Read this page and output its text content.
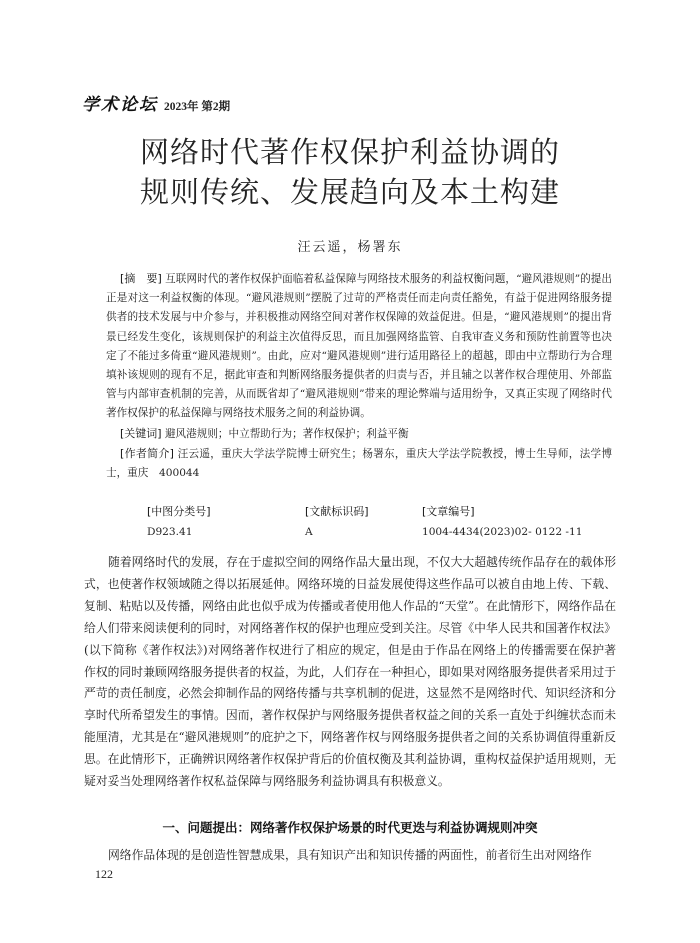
学术论坛 2023年 第2期
网络时代著作权保护利益协调的
规则传统、发展趋向及本土构建
汪云遥，杨署东

[摘　要] 互联网时代的著作权保护面临着私益保障与网络技术服务的利益权衡问题，“避风港规则”的提出正是对这一利益权衡的体现。“避风港规则”摆脱了过苛的严格责任而走向责任豁免，有益于促进网络服务提供者的技术发展与中介参与，并积极推动网络空间对著作权保障的效益促进。但是，“避风港规则”的提出背景已经发生变化，该规则保护的利益主次值得反思，而且加强网络监管、自我审查义务和预防性前置等也决定了不能过多倚重“避风港规则”。由此，应对“避风港规则”进行适用路径上的超越，即由中立帮助行为合理填补该规则的现有不足，据此审查和判断网络服务提供者的归责与否，并且辅之以著作权合理使用、外部监管与内部审查机制的完善，从而既省却了“避风港规则”带来的理论弊端与适用纷争，又真正实现了网络时代著作权保护的私益保障与网络技术服务之间的利益协调。

[关键词] 避风港规则；中立帮助行为；著作权保护；利益平衡

[作者简介] 汪云遥，重庆大学法学院博士研究生；杨署东，重庆大学法学院教授，博士生导师，法学博士，重庆　400044

[中图分类号]
D923.41

[文献标识码]
A

[文章编号]
1004-4434(2023)02- 0122 -11

随着网络时代的发展，存在于虚拟空间的网络作品大量出现，不仅大大超越传统作品存在的载体形式，也使著作权领域随之得以拓展延伸。网络环境的日益发展使得这些作品可以被自由地上传、下载、复制、粘贴以及传播，网络由此也似乎成为传播或者使用他人作品的“天堂”。在此情形下，网络作品在给人们带来阅读便利的同时，对网络著作权的保护也理应受到关注。尽管《中华人民共和国著作权法》(以下简称《著作权法》)对网络著作权进行了相应的规定，但是由于作品在网络上的传播需要在保护著作权的同时兼顾网络服务提供者的权益，为此，人们存在一种担心，即如果对网络服务提供者采用过于严苛的责任制度，必然会抑制作品的网络传播与共享机制的促进，这显然不是网络时代、知识经济和分享时代所希望发生的事情。因而，著作权保护与网络服务提供者权益之间的关系一直处于纠缠状态而未能厘清，尤其是在“避风港规则”的庇护之下，网络著作权与网络服务提供者之间的关系协调值得重新反思。在此情形下，正确辨识网络著作权保护背后的价值权衡及其利益协调，重构权益保护适用规则，无疑对妥当处理网络著作权私益保障与网络服务利益协调具有积极意义。

一、问题提出：网络著作权保护场景的时代更迭与利益协调规则冲突

网络作品体现的是创造性智慧成果，具有知识产出和知识传播的两面性，前者衍生出对网络作

122
